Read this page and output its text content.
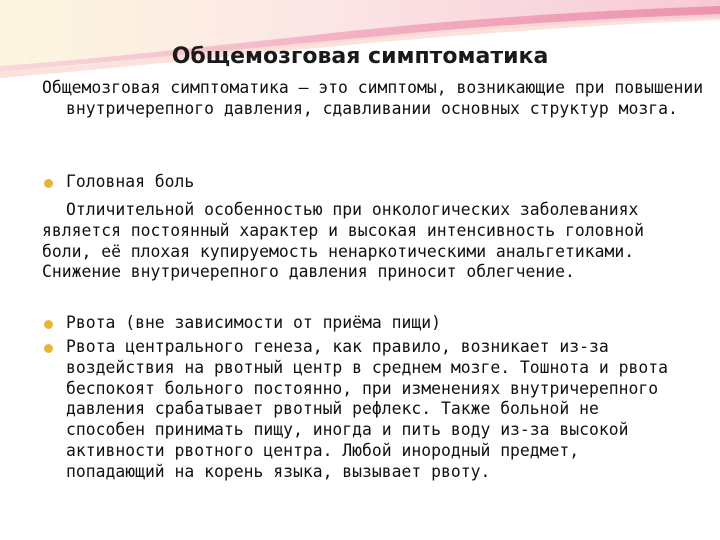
Общемозговая симптоматика

Общемозговая симптоматика — это симптомы, возникающие при повышении внутричерепного давления, сдавливании основных структур мозга.

Головная боль

Отличительной особенностью при онкологических заболеваниях является постоянный характер и высокая интенсивность головной боли, её плохая купируемость ненаркотическими анальгетиками. Снижение внутричерепного давления приносит облегчение.

Рвота (вне зависимости от приёма пищи)

Рвота центрального генеза, как правило, возникает из-за воздействия на рвотный центр в среднем мозге. Тошнота и рвота беспокоят больного постоянно, при изменениях внутричерепного давления срабатывает рвотный рефлекс. Также больной не способен принимать пищу, иногда и пить воду из-за высокой активности рвотного центра. Любой инородный предмет, попадающий на корень языка, вызывает рвоту.
